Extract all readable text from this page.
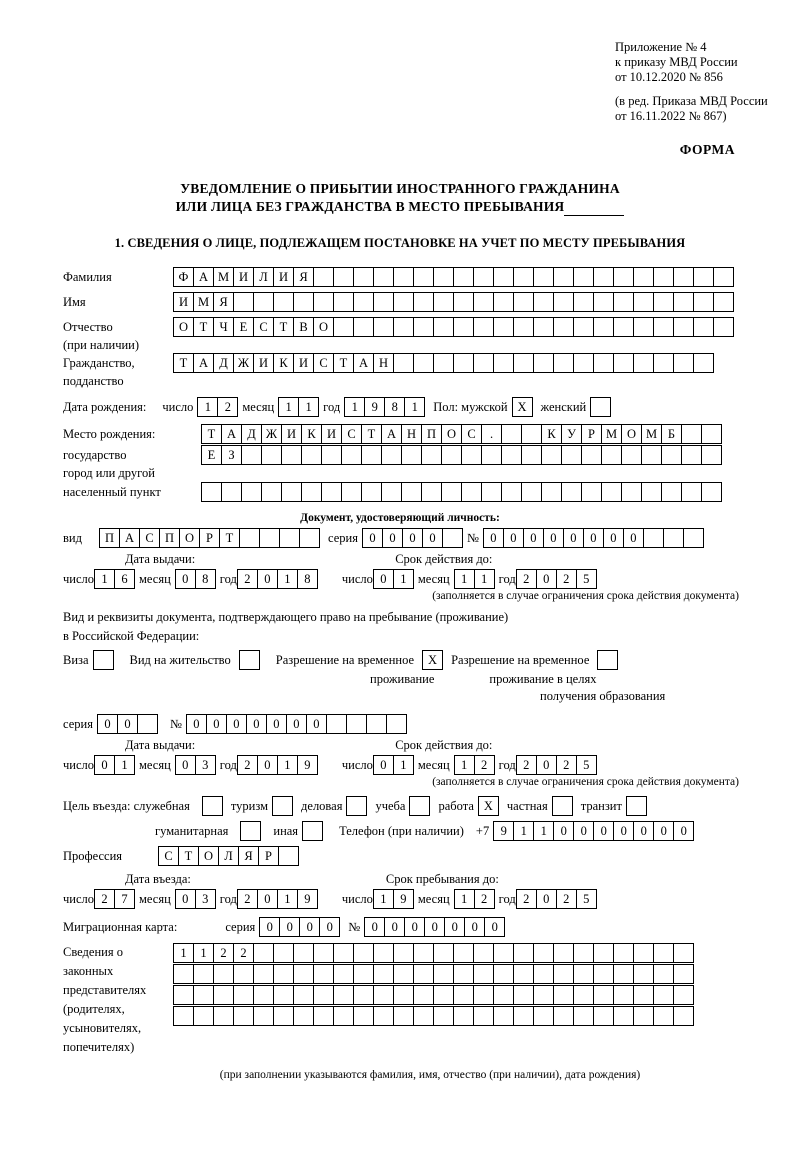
Приложение № 4
к приказу МВД России
от 10.12.2020 № 856
(в ред. Приказа МВД России
от 16.11.2022 № 867)
ФОРМА
УВЕДОМЛЕНИЕ О ПРИБЫТИИ ИНОСТРАННОГО ГРАЖДАНИНА
ИЛИ ЛИЦА БЕЗ ГРАЖДАНСТВА В МЕСТО ПРЕБЫВАНИЯ
1. СВЕДЕНИЯ О ЛИЦЕ, ПОДЛЕЖАЩЕМ ПОСТАНОВКЕ НА УЧЕТ ПО МЕСТУ ПРЕБЫВАНИЯ
Фамилия	Ф А М И Л И Я
Имя	И М Я
Отчество	О Т Ч Е С Т В О
(при наличии)
Гражданство,	Т А Д Ж И К И С Т А Н
подданство
Дата рождения: число 1	2 месяц 1	1 год 1	9	8	1	Пол: мужской X	женский
Место рождения:	Т А Д Ж И К И С Т А Н П О С	.	К У Р М О М Б
государство	Е	З
город или другой
населенный пункт
Документ, удостоверяющий личность:
вид	П А С П О Р	Т	серия 0	0	0	0	№ 0	0	0	0	0	0	0	0
Дата выдачи:	Срок действия до:
число 1	6 месяц 0	8 год 2	0	1	8	число 0	1 месяц 1	1 год 2	0	2	5
(заполняется в случае ограничения срока действия документа)
Вид и реквизиты документа, подтверждающего право на пребывание (проживание)
в Российской Федерации:
Виза	Вид на жительство	Разрешение на временное	X	Разрешение на временное
проживание	проживание в целях
получения образования
серия 0	0	№ 0	0	0	0	0	0	0
Дата выдачи:	Срок действия до:
число 0	1 месяц 0	3 год 2	0	1	9	число 0	1 месяц 1	2 год 2	0	2	5
(заполняется в случае ограничения срока действия документа)
Цель въезда: служебная	туризм	деловая	учеба	работа X	частная	транзит
гуманитарная	иная	Телефон (при наличии) +7 9	1	1	0	0	0	0	0	0	0
Профессия	С Т О Л Я Р
Дата въезда:	Срок пребывания до:
число 2	7 месяц 0	3 год 2	0	1	9	число 1	9 месяц 1	2 год 2	0	2	5
Миграционная карта:	серия 0	0	0	0	№ 0	0	0	0	0	0	0
Сведения о
законных
представителях
(родителях,
усыновителях,
попечителях)
1	1	2	2
(при заполнении указываются фамилия, имя, отчество (при наличии), дата рождения)
